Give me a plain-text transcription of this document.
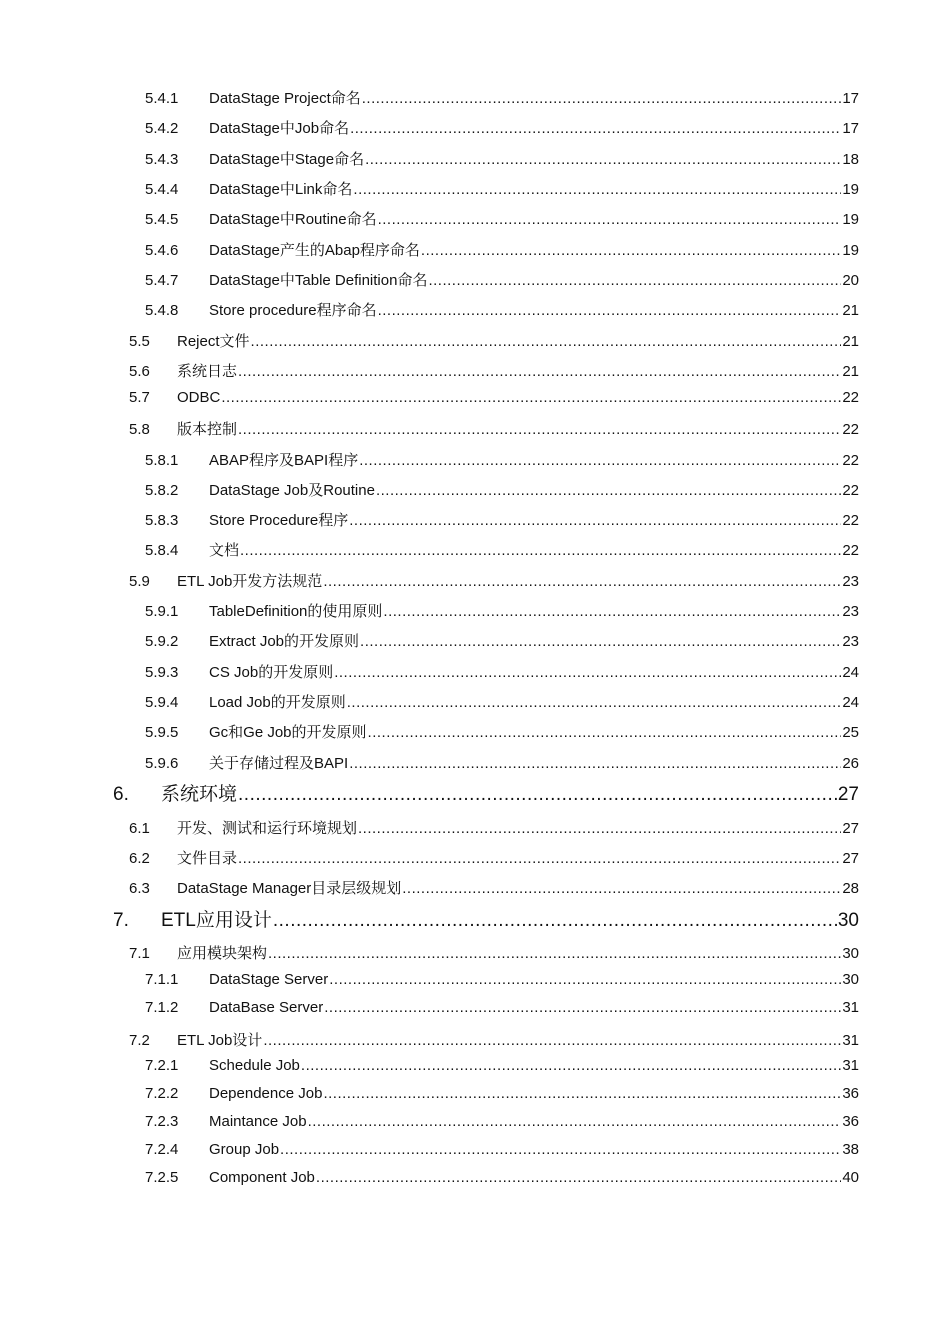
5.4.1	DataStage Project命名 .....	17
5.4.2	DataStage中Job命名 .....	17
5.4.3	DataStage中Stage命名 .....	18
5.4.4	DataStage中Link命名 .....	19
5.4.5	DataStage中Routine命名 .....	19
5.4.6	DataStage产生的Abap程序命名 .....	19
5.4.7	DataStage中Table Definition命名 .....	20
5.4.8	Store procedure程序命名 .....	21
5.5	Reject文件 .....	21
5.6	系统日志 .....	21
5.7	ODBC .....	22
5.8	版本控制 .....	22
5.8.1	ABAP程序及BAPI程序 .....	22
5.8.2	DataStage Job及Routine .....	22
5.8.3	Store Procedure程序 .....	22
5.8.4	文档 .....	22
5.9	ETL Job开发方法规范 .....	23
5.9.1	TableDefinition的使用原则 .....	23
5.9.2	Extract Job的开发原则 .....	23
5.9.3	CS Job的开发原则 .....	24
5.9.4	Load Job的开发原则 .....	24
5.9.5	Gc和Ge Job的开发原则 .....	25
5.9.6	关于存储过程及BAPI .....	26
6.	系统环境 .....	27
6.1	开发、测试和运行环境规划 .....	27
6.2	文件目录 .....	27
6.3	DataStage Manager目录层级规划 .....	28
7.	ETL应用设计 .....	30
7.1	应用模块架构 .....	30
7.1.1	DataStage Server .....	30
7.1.2	DataBase Server .....	31
7.2	ETL Job设计 .....	31
7.2.1	Schedule Job .....	31
7.2.2	Dependence Job .....	36
7.2.3	Maintance Job .....	36
7.2.4	Group Job .....	38
7.2.5	Component Job .....	40
